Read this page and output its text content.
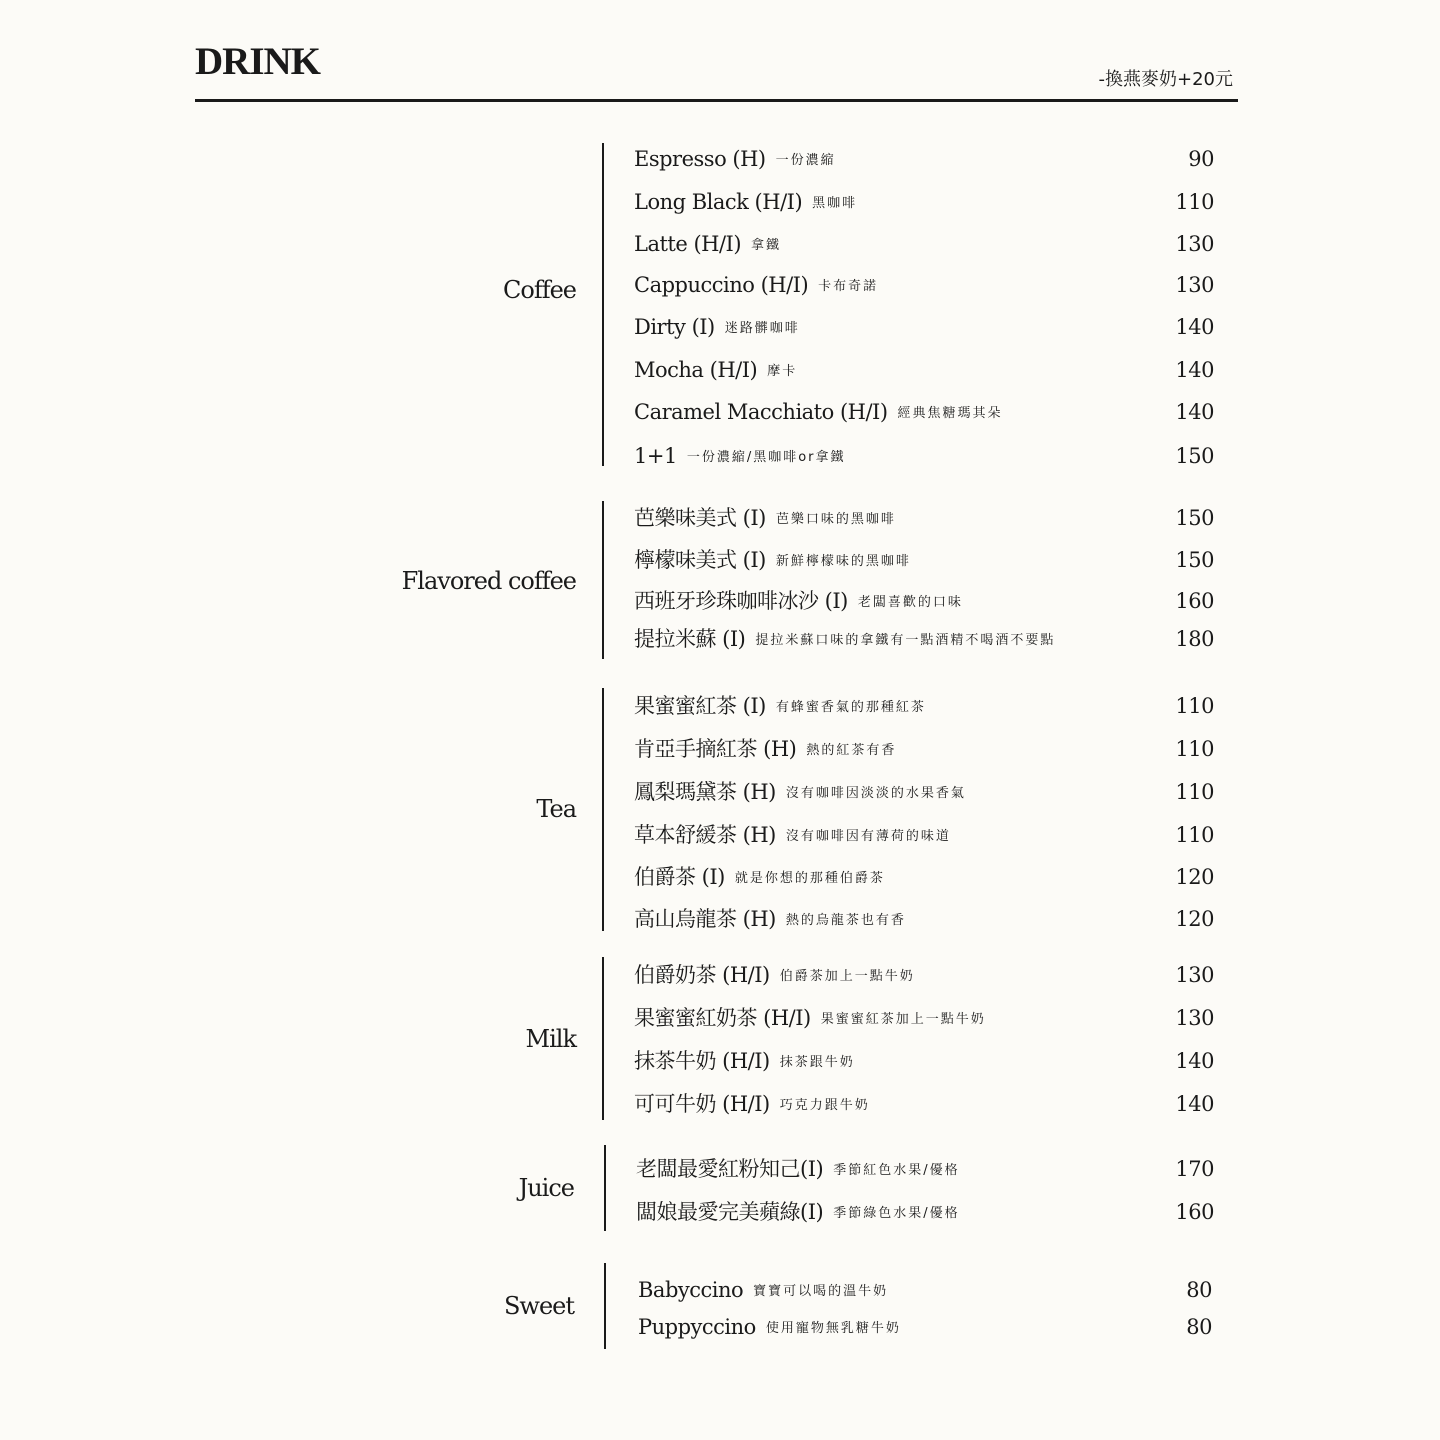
DRINK	-換燕麥奶+20元
Coffee
Espresso (H) 一份濃縮	90
Long Black (H/I) 黑咖啡	110
Latte (H/I) 拿鐵	130
Cappuccino (H/I) 卡布奇諾	130
Dirty (I) 迷路髒咖啡	140
Mocha (H/I) 摩卡	140
Caramel Macchiato (H/I) 經典焦糖瑪其朵	140
1+1 一份濃縮/黑咖啡or拿鐵	150
Flavored coffee
芭樂味美式 (I) 芭樂口味的黑咖啡	150
檸檬味美式 (I) 新鮮檸檬味的黑咖啡	150
西班牙珍珠咖啡冰沙 (I) 老闆喜歡的口味	160
提拉米蘇 (I) 提拉米蘇口味的拿鐵有一點酒精不喝酒不要點	180
Tea
果蜜蜜紅茶 (I) 有蜂蜜香氣的那種紅茶	110
肯亞手摘紅茶 (H) 熱的紅茶有香	110
鳳梨瑪黛茶 (H) 沒有咖啡因淡淡的水果香氣	110
草本舒緩茶 (H) 沒有咖啡因有薄荷的味道	110
伯爵茶 (I) 就是你想的那種伯爵茶	120
高山烏龍茶 (H) 熱的烏龍茶也有香	120
Milk
伯爵奶茶 (H/I) 伯爵茶加上一點牛奶	130
果蜜蜜紅奶茶 (H/I) 果蜜蜜紅茶加上一點牛奶	130
抹茶牛奶 (H/I) 抹茶跟牛奶	140
可可牛奶 (H/I) 巧克力跟牛奶	140
Juice
老闆最愛紅粉知己(I) 季節紅色水果/優格	170
闆娘最愛完美蘋綠(I) 季節綠色水果/優格	160
Sweet
Babyccino 寶寶可以喝的溫牛奶	80
Puppyccino 使用寵物無乳糖牛奶	80
